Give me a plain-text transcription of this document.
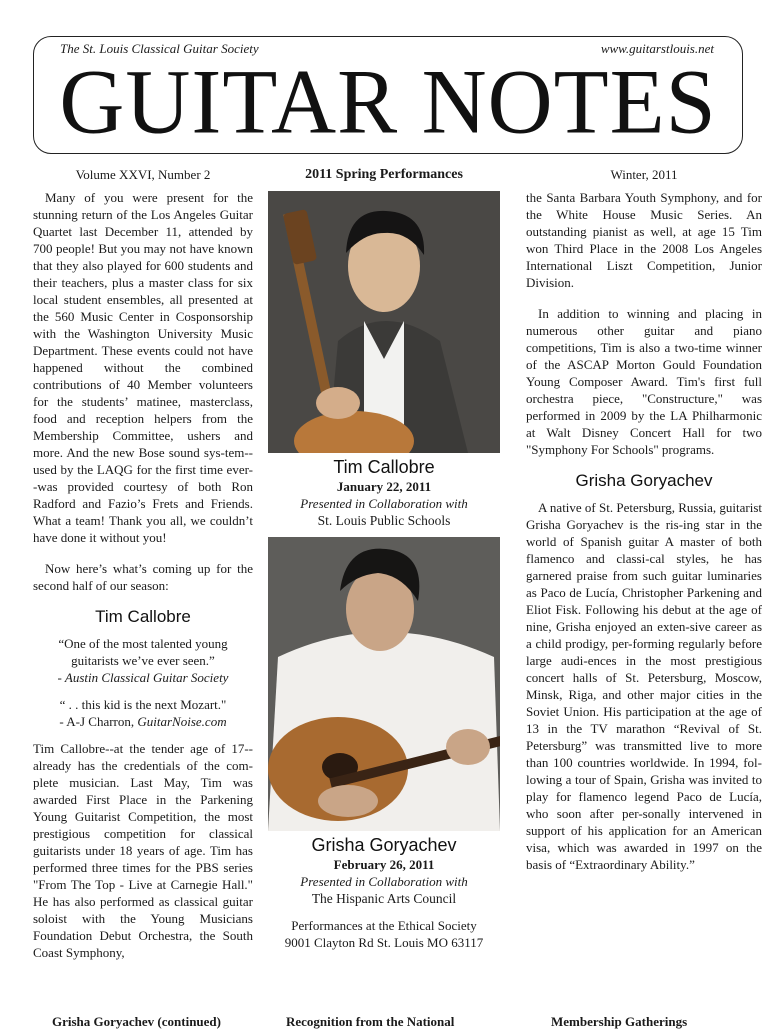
The St. Louis Classical Guitar Society	www.guitarstlouis.net
GUITAR NOTES
Volume XXVI, Number 2

Many of you were present for the stunning return of the Los Angeles Guitar Quartet last December 11, attended by 700 people! But you may not have known that they also played for 600 students and their teachers, plus a master class for six local student ensembles, all presented at the 560 Music Center in Cosponsorship with the Washington University Music Department. These events could not have happened without the combined contributions of 40 Member volunteers for the students’ matinee, masterclass, food and reception helpers from the Membership Committee, ushers and more. And the new Bose sound sys-tem--used by the LAQG for the first time ever--was provided courtesy of both Ron Radford and Fazio’s Frets and Friends. What a team! Thank you all, we couldn’t have done it without you!

Now here’s what’s coming up for the second half of our season:

Tim Callobre

“One of the most talented young guitarists we’ve ever seen.”

- Austin Classical Guitar Society

“ . . this kid is the next Mozart."

- A-J Charron, GuitarNoise.com

Tim Callobre--at the tender age of 17--already has the credentials of the com-plete musician. Last May, Tim was awarded First Place in the Parkening Young Guitarist Competition, the most prestigious competition for classical guitarists under 18 years of age. Tim has performed three times for the PBS series "From The Top - Live at Carnegie Hall." He has also performed as classical guitar soloist with the Young Musicians Foundation Debut Orchestra, the South Coast Symphony,

2011 Spring Performances
Tim Callobre

January 22, 2011

Presented in Collaboration with

St. Louis Public Schools

Grisha Goryachev

February 26, 2011

Presented in Collaboration with

The Hispanic Arts Council

Performances at the Ethical Society
9001 Clayton Rd St. Louis MO 63117
Winter, 2011

the Santa Barbara Youth Symphony, and for the White House Music Series. An outstanding pianist as well, at age 15 Tim won Third Place in the 2008 Los Angeles International Liszt Competition, Junior Division.

In addition to winning and placing in numerous other guitar and piano competitions, Tim is also a two-time winner of the ASCAP Morton Gould Foundation Young Composer Award. Tim's first full orchestra piece, "Constructure," was performed in 2009 by the LA Philharmonic at Walt Disney Concert Hall for two "Symphony For Schools" programs.

Grisha Goryachev

A native of St. Petersburg, Russia, guitarist Grisha Goryachev is the ris-ing star in the world of Spanish guitar A master of both flamenco and classi-cal styles, he has garnered praise from such guitar luminaries as Paco de Lucía, Christopher Parkening and Eliot Fisk. Following his debut at the age of nine, Grisha enjoyed an exten-sive career as a child prodigy, per-forming regularly before large audi-ences in the most prestigious concert halls of St. Petersburg, Moscow, Minsk, Riga, and other major cities in the Soviet Union. His participation at the age of 13 in the TV marathon “Revival of St. Petersburg” was transmitted live to more than 100 countries worldwide. In 1994, fol-lowing a tour of Spain, Grisha was invited to play for flamenco legend Paco de Lucía, who soon after per-sonally intervened in support of his application for an American visa, which was awarded in 1997 on the basis of “Extraordinary Ability.”

Grisha Goryachev (continued)	Recognition from the National	Membership Gatherings
